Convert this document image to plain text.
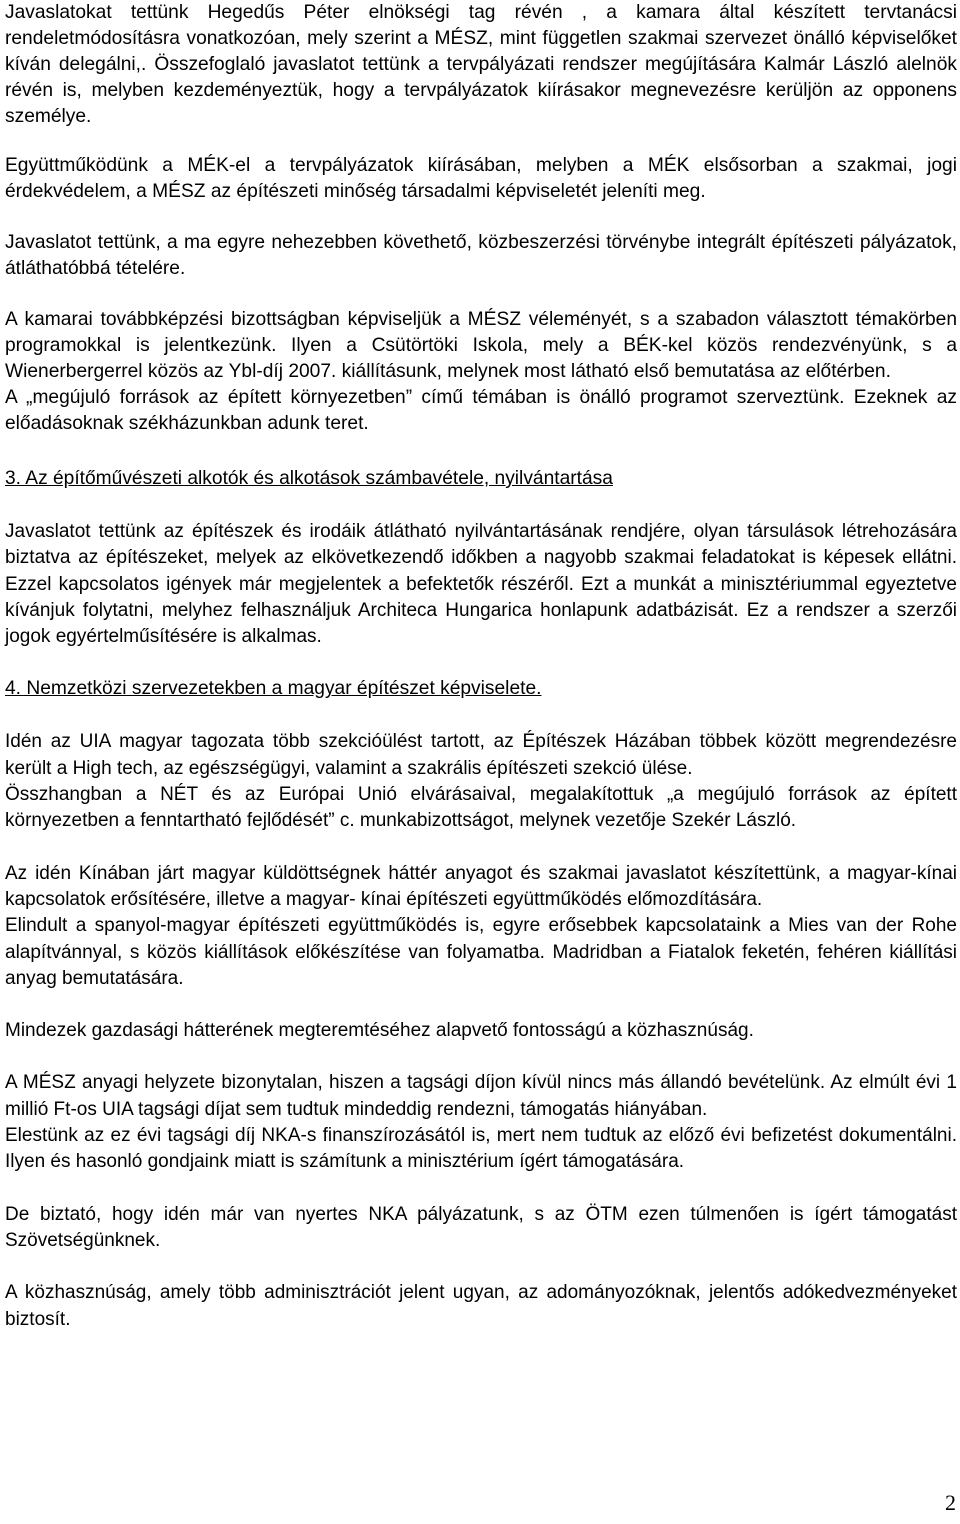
Javaslatokat tettünk Hegedűs Péter elnökségi tag révén , a kamara által készített tervtanácsi rendeletmódosításra vonatkozóan, mely szerint a MÉSZ, mint független szakmai szervezet önálló képviselőket kíván delegálni,. Összefoglaló javaslatot tettünk a tervpályázati rendszer megújítására Kalmár László alelnök révén is, melyben kezdeményeztük, hogy a tervpályázatok kiírásakor megnevezésre kerüljön az opponens személye.

Együttműködünk a MÉK-el a tervpályázatok kiírásában, melyben a MÉK elsősorban a szakmai, jogi érdekvédelem, a MÉSZ az építészeti minőség társadalmi képviseletét jeleníti meg.

Javaslatot tettünk, a ma egyre nehezebben követhető, közbeszerzési törvénybe integrált építészeti pályázatok, átláthatóbbá tételére.

A kamarai továbbképzési bizottságban képviseljük a MÉSZ véleményét, s a szabadon választott témakörben programokkal is jelentkezünk. Ilyen a Csütörtöki Iskola, mely a BÉK-kel közös rendezvényünk, s a Wienerbergerrel közös az Ybl-díj 2007. kiállításunk, melynek most látható első bemutatása az előtérben.

A „megújuló források az épített környezetben” című témában is önálló programot szerveztünk. Ezeknek az előadásoknak székházunkban adunk teret.

3. Az építőművészeti alkotók és alkotások számbavétele, nyilvántartása

Javaslatot tettünk az építészek és irodáik átlátható nyilvántartásának rendjére, olyan társulások létrehozására biztatva az építészeket, melyek az elkövetkezendő időkben a nagyobb szakmai feladatokat is képesek ellátni. Ezzel kapcsolatos igények már megjelentek a befektetők részéről. Ezt a munkát a minisztériummal egyeztetve kívánjuk folytatni, melyhez felhasználjuk Architeca Hungarica honlapunk adatbázisát. Ez a rendszer a szerzői jogok egyértelműsítésére is alkalmas.

4. Nemzetközi szervezetekben a magyar építészet képviselete.

Idén az UIA magyar tagozata több szekcióülést tartott, az Építészek Házában többek között megrendezésre került a High tech, az egészségügyi, valamint a szakrális építészeti szekció ülése.

Összhangban a NÉT és az Európai Unió elvárásaival, megalakítottuk „a megújuló források az épített környezetben a fenntartható fejlődését” c. munkabizottságot, melynek vezetője Szekér László.

Az idén Kínában járt magyar küldöttségnek háttér anyagot és szakmai javaslatot készítettünk, a magyar-kínai kapcsolatok erősítésére, illetve a magyar- kínai építészeti együttműködés előmozdítására.

Elindult a spanyol-magyar építészeti együttműködés is, egyre erősebbek kapcsolataink a Mies van der Rohe alapítvánnyal, s közös kiállítások előkészítése van folyamatba. Madridban a Fiatalok feketén, fehéren kiállítási anyag bemutatására.

Mindezek gazdasági hátterének megteremtéséhez alapvető fontosságú a közhasznúság.

A MÉSZ anyagi helyzete bizonytalan, hiszen a tagsági díjon kívül nincs más állandó bevételünk. Az elmúlt évi 1 millió Ft-os UIA tagsági díjat sem tudtuk mindeddig rendezni, támogatás hiányában.

Elestünk az ez évi tagsági díj NKA-s finanszírozásától is, mert nem tudtuk az előző évi befizetést dokumentálni. Ilyen és hasonló gondjaink miatt is számítunk a minisztérium ígért támogatására.

De biztató, hogy idén már van nyertes NKA pályázatunk, s az ÖTM ezen túlmenően is ígért támogatást Szövetségünknek.

A közhasznúság, amely több adminisztrációt jelent ugyan, az adományozóknak, jelentős adókedvezményeket biztosít.

2
